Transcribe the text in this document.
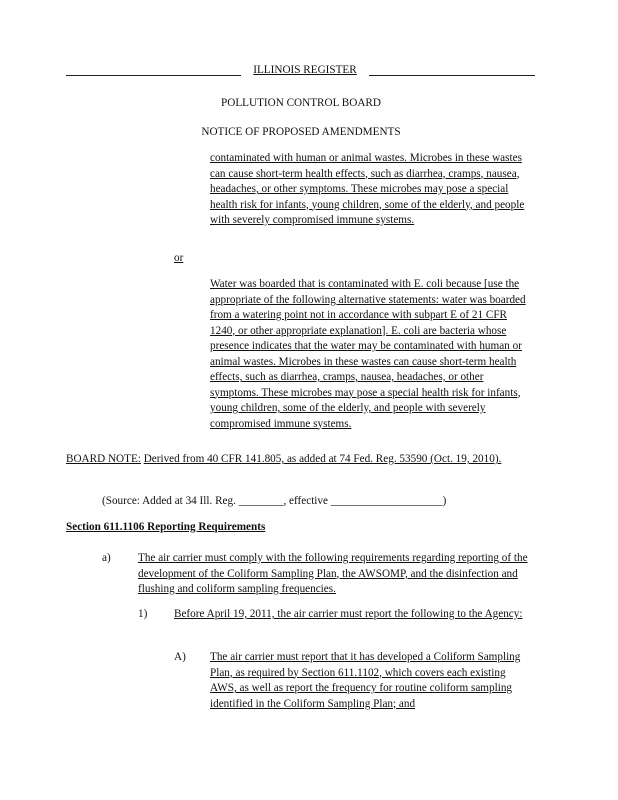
ILLINOIS REGISTER
POLLUTION CONTROL BOARD
NOTICE OF PROPOSED AMENDMENTS

contaminated with human or animal wastes. Microbes in these wastes can cause short-term health effects, such as diarrhea, cramps, nausea, headaches, or other symptoms. These microbes may pose a special health risk for infants, young children, some of the elderly, and people with severely compromised immune systems.

or

Water was boarded that is contaminated with E. coli because [use the appropriate of the following alternative statements: water was boarded from a watering point not in accordance with subpart E of 21 CFR 1240, or other appropriate explanation]. E. coli are bacteria whose presence indicates that the water may be contaminated with human or animal wastes. Microbes in these wastes can cause short-term health effects, such as diarrhea, cramps, nausea, headaches, or other symptoms. These microbes may pose a special health risk for infants, young children, some of the elderly, and people with severely compromised immune systems.

BOARD NOTE: Derived from 40 CFR 141.805, as added at 74 Fed. Reg. 53590 (Oct. 19, 2010).
(Source: Added at 34 Ill. Reg. ________, effective ____________________)
Section 611.1106 Reporting Requirements
a) The air carrier must comply with the following requirements regarding reporting of the development of the Coliform Sampling Plan, the AWSOMP, and the disinfection and flushing and coliform sampling frequencies.

1) Before April 19, 2011, the air carrier must report the following to the Agency:

A) The air carrier must report that it has developed a Coliform Sampling Plan, as required by Section 611.1102, which covers each existing AWS, as well as report the frequency for routine coliform sampling identified in the Coliform Sampling Plan; and
